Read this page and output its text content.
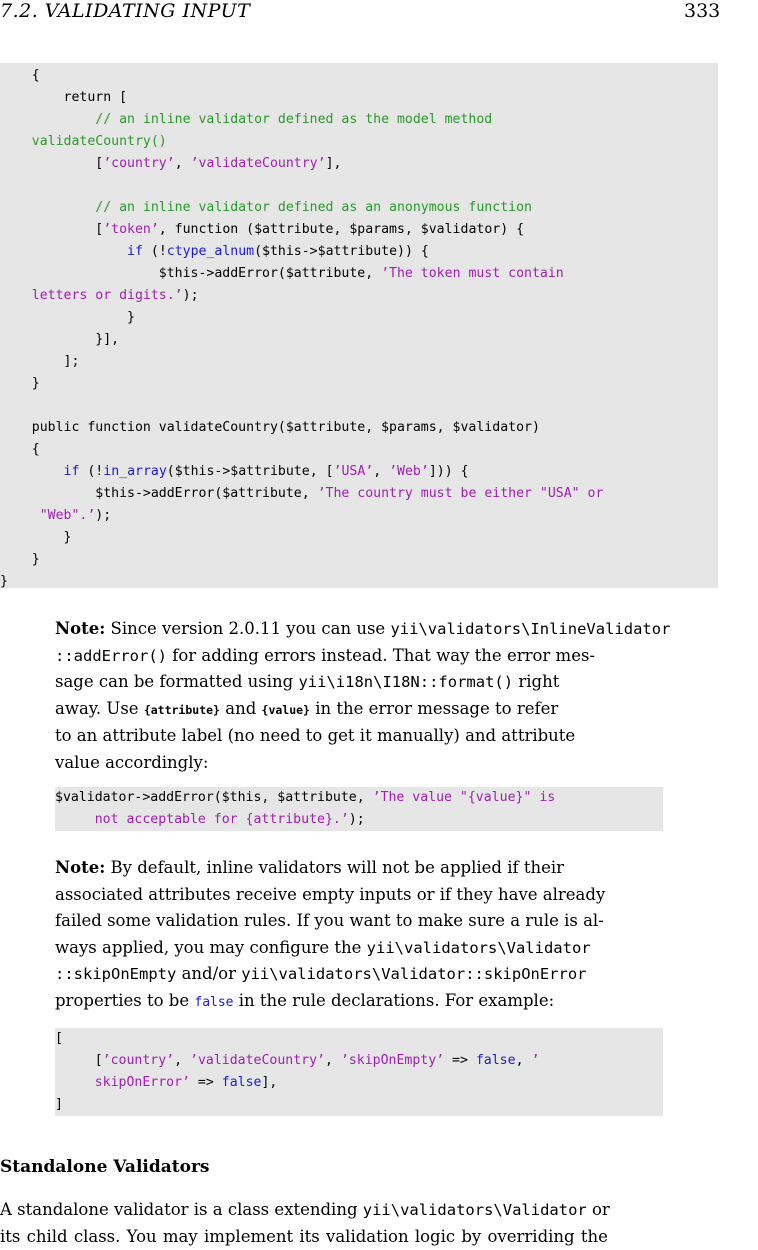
7.2. VALIDATING INPUT	333
{
return [
// an inline validator defined as the model method
validateCountry()
[’country’, ’validateCountry’],
// an inline validator defined as an anonymous function
[’token’, function ($attribute, $params, $validator) {
if (!ctype_alnum($this->$attribute)) {
$this->addError($attribute, ’The token must contain
letters or digits.’);
}
}],
];
}
public function validateCountry($attribute, $params, $validator)
{
if (!in_array($this->$attribute, [’USA’, ’Web’])) {
$this->addError($attribute, ’The country must be either "USA" or
"Web".’);
}
}
}
Note: Since version 2.0.11 you can use yii\validators\InlineValidator
::addError() for adding errors instead. That way the error mes-
sage can be formatted using yii\i18n\I18N::format() right
away. Use {attribute} and {value} in the error message to refer
to an attribute label (no need to get it manually) and attribute
value accordingly:
$validator->addError($this, $attribute, ’The value "{value}" is
not acceptable for {attribute}.’);
Note: By default, inline validators will not be applied if their
associated attributes receive empty inputs or if they have already
failed some validation rules. If you want to make sure a rule is al-
ways applied, you may configure the yii\validators\Validator
::skipOnEmpty and/or yii\validators\Validator::skipOnError
properties to be false in the rule declarations. For example:
[
[’country’, ’validateCountry’, ’skipOnEmpty’ => false, ’
skipOnError’ => false],
]
Standalone Validators
A standalone validator is a class extending yii\validators\Validator or
its child class. You may implement its validation logic by overriding the
